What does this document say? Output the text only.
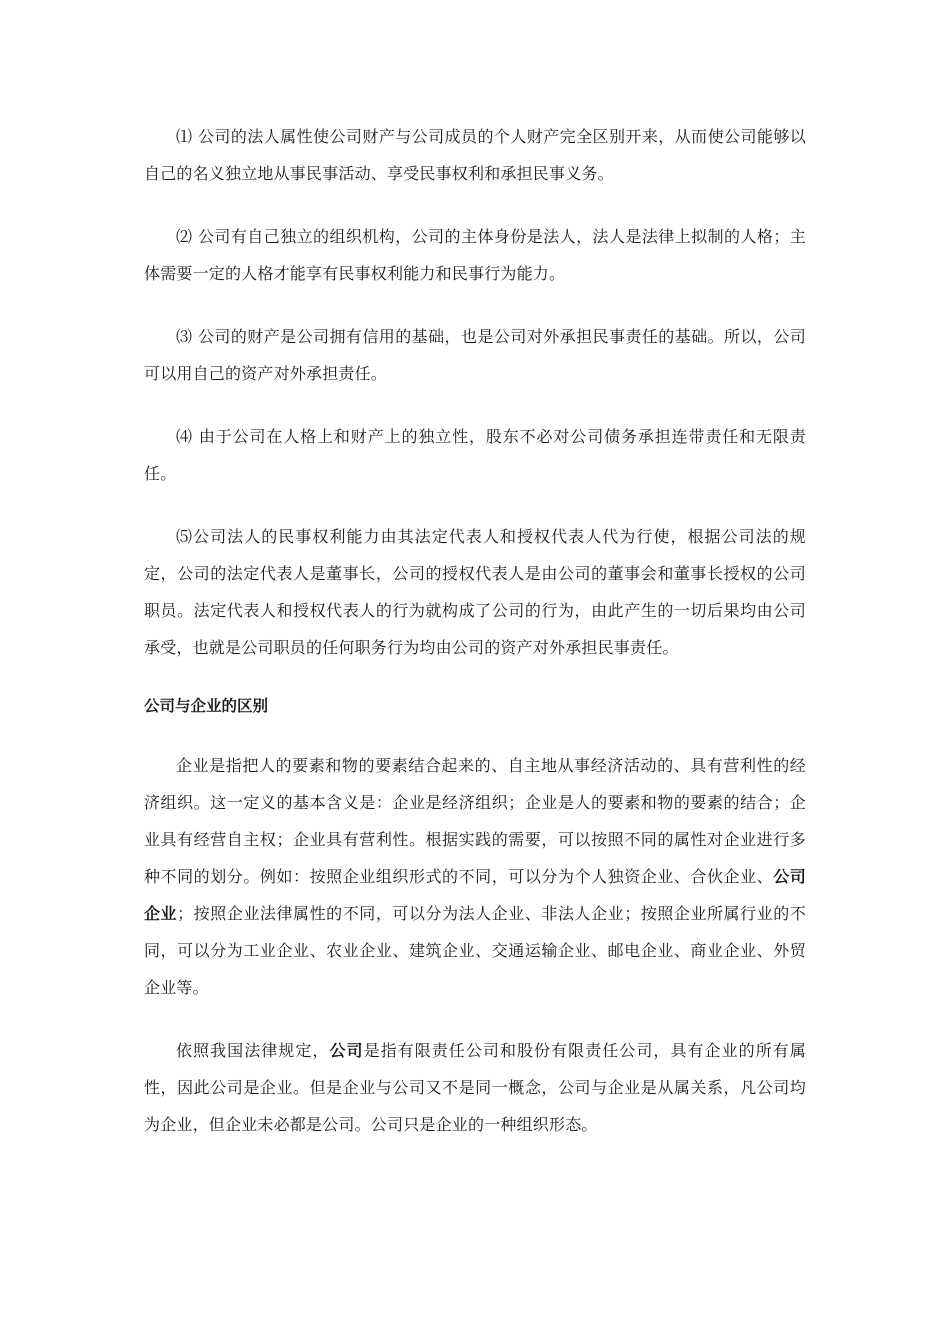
⑴ 公司的法人属性使公司财产与公司成员的个人财产完全区别开来，从而使公司能够以自己的名义独立地从事民事活动、享受民事权利和承担民事义务。

⑵ 公司有自己独立的组织机构，公司的主体身份是法人，法人是法律上拟制的人格；主体需要一定的人格才能享有民事权利能力和民事行为能力。

⑶ 公司的财产是公司拥有信用的基础，也是公司对外承担民事责任的基础。所以，公司可以用自己的资产对外承担责任。

⑷ 由于公司在人格上和财产上的独立性，股东不必对公司债务承担连带责任和无限责任。

⑸公司法人的民事权利能力由其法定代表人和授权代表人代为行使，根据公司法的规定，公司的法定代表人是董事长，公司的授权代表人是由公司的董事会和董事长授权的公司职员。法定代表人和授权代表人的行为就构成了公司的行为，由此产生的一切后果均由公司承受，也就是公司职员的任何职务行为均由公司的资产对外承担民事责任。

公司与企业的区别

企业是指把人的要素和物的要素结合起来的、自主地从事经济活动的、具有营利性的经济组织。这一定义的基本含义是：企业是经济组织；企业是人的要素和物的要素的结合；企业具有经营自主权；企业具有营利性。根据实践的需要，可以按照不同的属性对企业进行多种不同的划分。例如：按照企业组织形式的不同，可以分为个人独资企业、合伙企业、公司企业；按照企业法律属性的不同，可以分为法人企业、非法人企业；按照企业所属行业的不同，可以分为工业企业、农业企业、建筑企业、交通运输企业、邮电企业、商业企业、外贸企业等。

依照我国法律规定，公司是指有限责任公司和股份有限责任公司，具有企业的所有属性，因此公司是企业。但是企业与公司又不是同一概念，公司与企业是从属关系，凡公司均为企业，但企业未必都是公司。公司只是企业的一种组织形态。
